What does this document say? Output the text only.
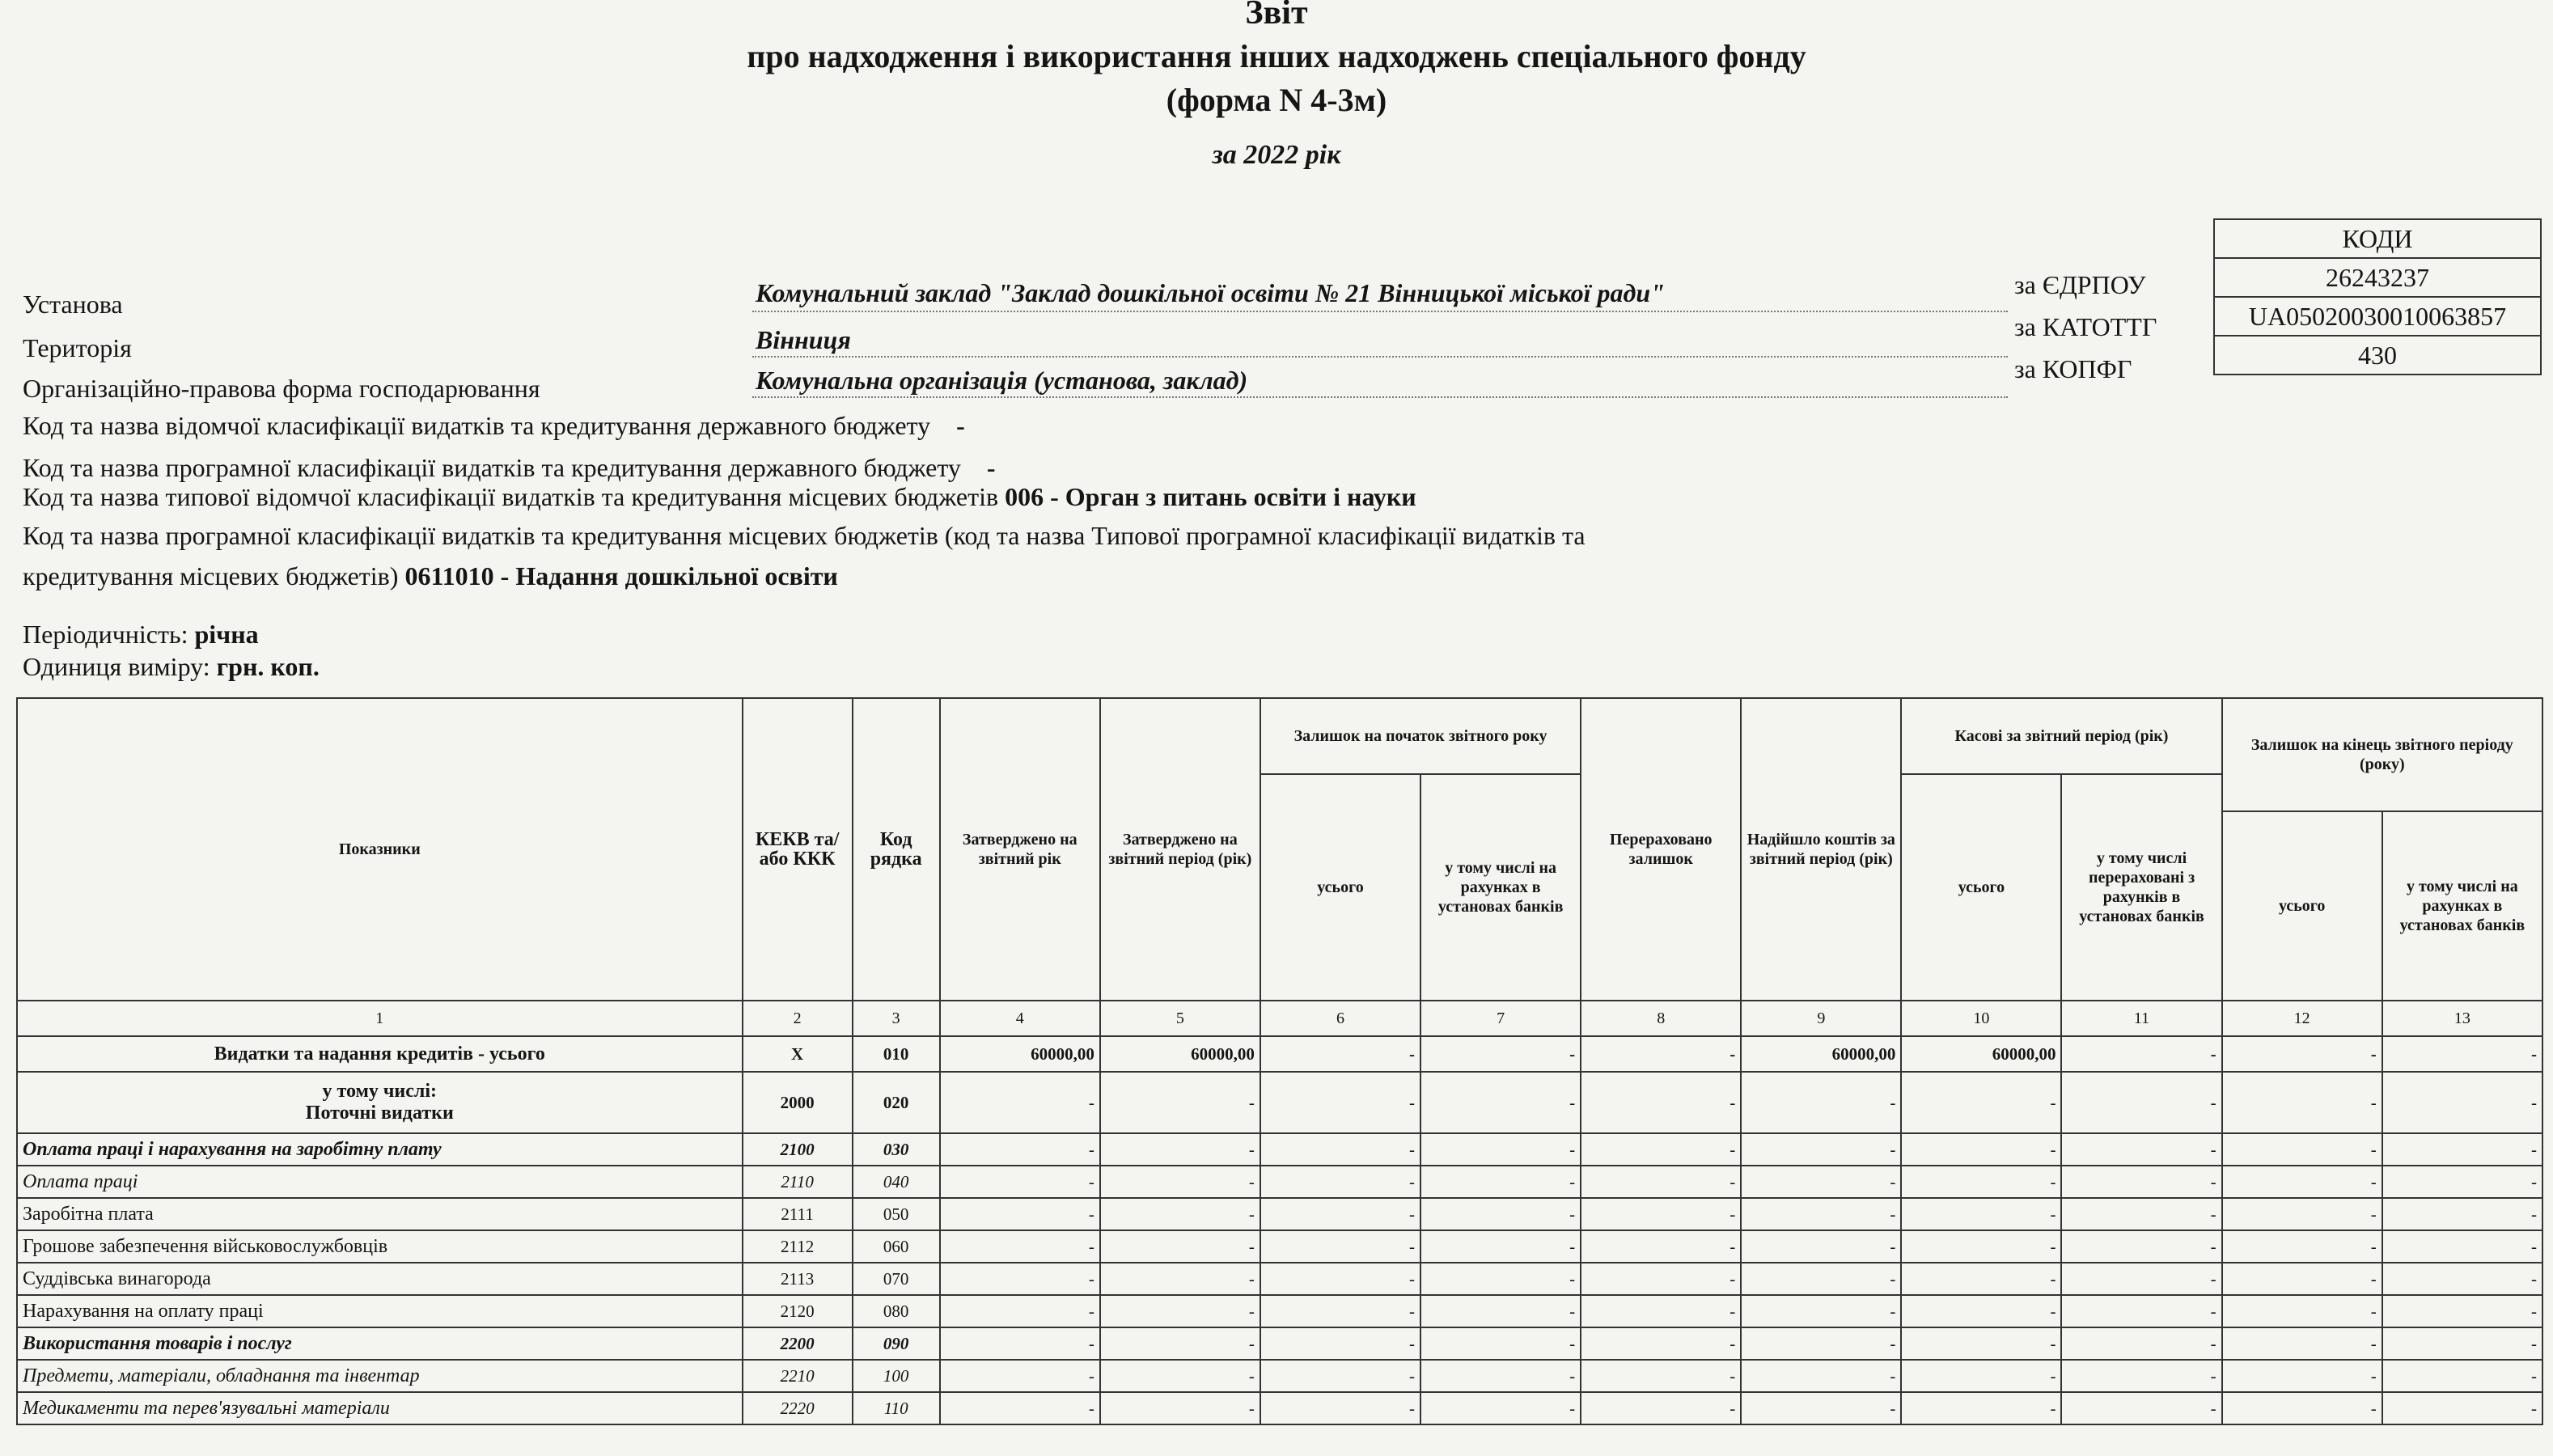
Звіт
про надходження і використання інших надходжень спеціального фонду
(форма N 4-3м)
за 2022 рік
КОДИ
26243237
UA05020030010063857
430
за ЄДРПОУ
за КАТОТТГ
за КОПФГ
Установа	Комунальний заклад "Заклад дошкільної освіти № 21 Вінницької міської ради"
Територія	Вінниця
Організаційно-правова форма господарювання	Комунальна організація (установа, заклад)
Код та назва відомчої класифікації видатків та кредитування державного бюджету -
Код та назва програмної класифікації видатків та кредитування державного бюджету -
Код та назва типової відомчої класифікації видатків та кредитування місцевих бюджетів 006 - Орган з питань освіти і науки
Код та назва програмної класифікації видатків та кредитування місцевих бюджетів (код та назва Типової програмної класифікації видатків та
кредитування місцевих бюджетів) 0611010 - Надання дошкільної освіти
Періодичність: річна
Одиниця виміру: грн. коп.
Показники	КЕКВ та/або ККК	Код рядка	Затверджено на звітний рік	Затверджено на звітний період (рік)	Залишок на початок звітного року		Перераховано залишок	Надійшло коштів за звітний період (рік)	Касові за звітний період (рік)		Залишок на кінець звітного періоду (року)	
					усього	у тому числі на рахунках в установах банків			усього	у тому числі перераховані з рахунків в установах банків		
											усього	у тому числі на рахунках в установах банків
1	2	3	4	5	6	7	8	9	10	11	12	13
Видатки та надання кредитів - усього	X	010	60000,00	60000,00	-	-	-	60000,00	60000,00	-	-	-
у тому числі:
Поточні видатки	2000	020	-	-	-	-	-	-	-	-	-	-
Оплата праці і нарахування на заробітну плату	2100	030	-	-	-	-	-	-	-	-	-	-
Оплата праці	2110	040	-	-	-	-	-	-	-	-	-	-
Заробітна плата	2111	050	-	-	-	-	-	-	-	-	-	-
Грошове забезпечення військовослужбовців	2112	060	-	-	-	-	-	-	-	-	-	-
Суддівська винагорода	2113	070	-	-	-	-	-	-	-	-	-	-
Нарахування на оплату праці	2120	080	-	-	-	-	-	-	-	-	-	-
Використання товарів і послуг	2200	090	-	-	-	-	-	-	-	-	-	-
Предмети, матеріали, обладнання та інвентар	2210	100	-	-	-	-	-	-	-	-	-	-
Медикаменти та перев'язувальні матеріали	2220	110	-	-	-	-	-	-	-	-	-	-
